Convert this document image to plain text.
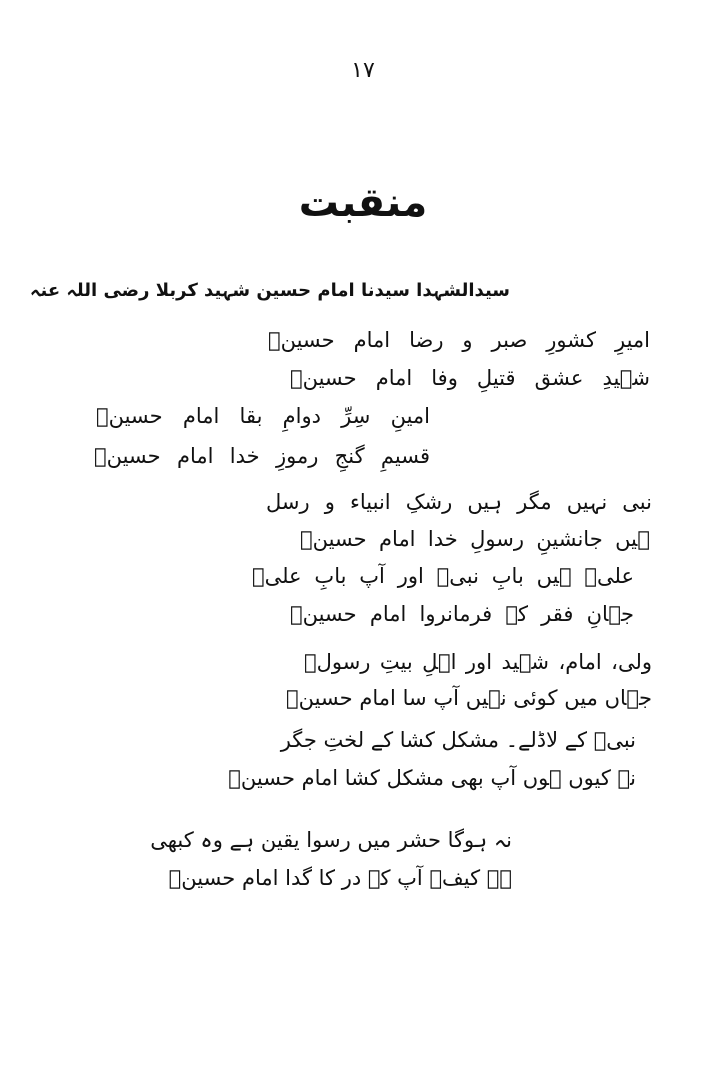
۱۷
منقبت
سیدالشہدا سیدنا امام حسین شہید کربلا رضی اللہ عنہ
امیرِ کشورِ صبر و رضا امام حسینؑ
شہیدِ عشق قتیلِ وفا امام حسینؑ
امینِ سِرِّ دوامِ بقا امام حسینؑ
قسیمِ گنجِ رموزِ خدا امام حسینؑ
نبی نہیں مگر ہیں رشکِ انبیاء و رسل
ہیں جانشینِ رسولِ خدا امام حسینؑ
علیؑ ہیں بابِ نبیؐ اور آپ بابِ علیؓ
جہانِ فقر کے فرمانروا امام حسینؑ
ولی، امام، شہید اور اہلِ بیتِ رسولؐ
جہاں میں کوئی نہیں آپ سا امام حسینؓ
نبیؐ کے لاڈلے۔ مشکل کشا کے لختِ جگر
نہ کیوں ہوں آپ بھی مشکل کشا امام حسینؓ
نہ ہوگا حشر میں رسوا یقین ہے وہ کبھی
ہے کیفؔ آپ کے در کا گدا امام حسینؑ
